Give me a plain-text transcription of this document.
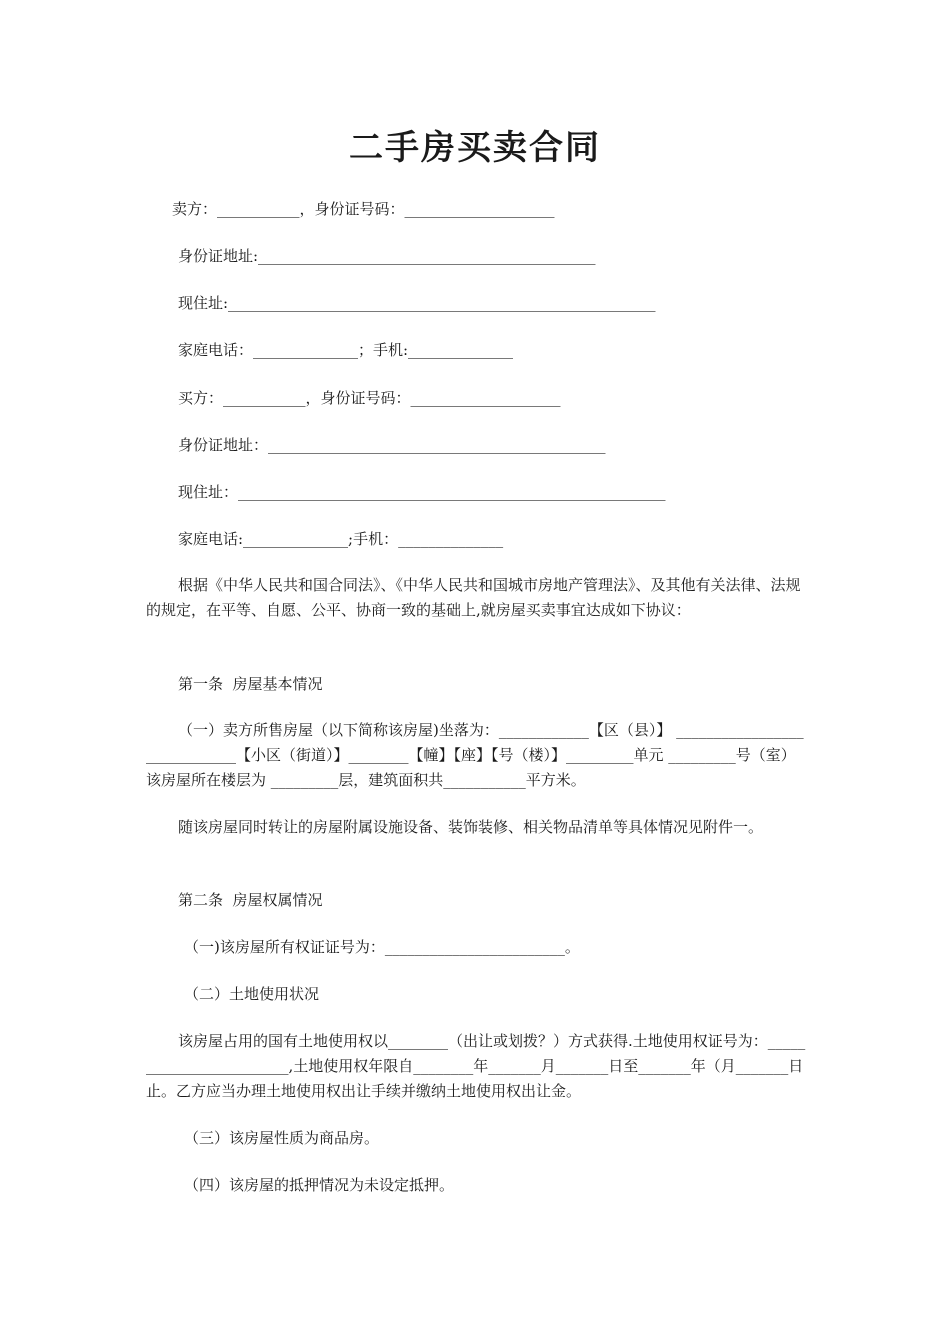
二手房买卖合同
卖方：___________，身份证号码：____________________
身份证地址:_____________________________________________
现住址:_________________________________________________________
家庭电话：______________；手机:______________
买方：___________，身份证号码：____________________
身份证地址：_____________________________________________
现住址：_________________________________________________________
家庭电话:______________;手机：______________
根据《中华人民共和国合同法》、《中华人民共和国城市房地产管理法》、及其他有关法律、法规的规定，在平等、自愿、公平、协商一致的基础上,就房屋买卖事宜达成如下协议：
第一条  房屋基本情况
（一）卖方所售房屋（以下简称该房屋)坐落为：____________【区（县）】 _____________________________【小区（街道）】________【幢】【座】【号（楼）】_________单元 _________号（室）该房屋所在楼层为 _________层，建筑面积共___________平方米。
随该房屋同时转让的房屋附属设施设备、装饰装修、相关物品清单等具体情况见附件一。
第二条  房屋权属情况
（一)该房屋所有权证证号为：________________________。
（二）土地使用状况
该房屋占用的国有土地使用权以________（出让或划拨？）方式获得.土地使用权证号为：________________________,土地使用权年限自________年_______月_______日至_______年（月_______日止。乙方应当办理土地使用权出让手续并缴纳土地使用权出让金。
（三）该房屋性质为商品房。
（四）该房屋的抵押情况为未设定抵押。
